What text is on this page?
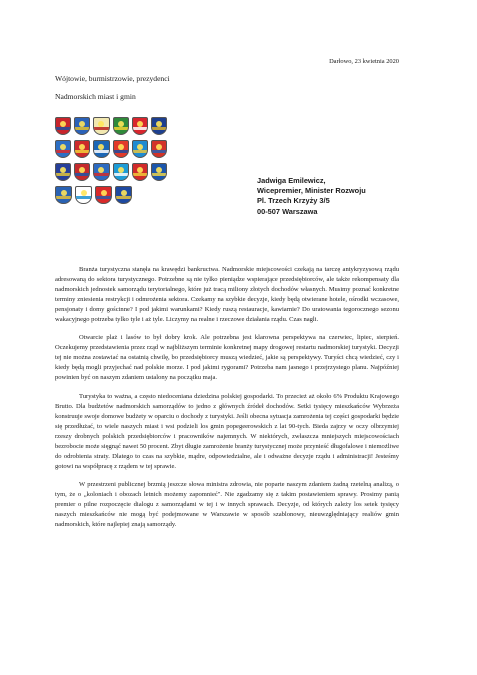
Darłowo, 23 kwietnia 2020
Wójtowie, burmistrzowie, prezydenci
Nadmorskich miast i gmin
Jadwiga Emilewicz,
Wicepremier, Minister Rozwoju
Pl. Trzech Krzyży 3/5
00-507 Warszawa

Branża turystyczna stanęła na krawędzi bankructwa. Nadmorskie miejscowości czekają na tarczę antykryzysową rządu adresowaną do sektora turystycznego. Potrzebne są nie tylko pieniądze wspierające przedsiębiorców, ale także rekompensaty dla nadmorskich jednostek samorządu terytorialnego, które już tracą miliony złotych dochodów własnych. Musimy poznać konkretne terminy zniesienia restrykcji i odmrożenia sektora. Czekamy na szybkie decyzje, kiedy będą otwierane hotele, ośrodki wczasowe, pensjonaty i domy gościnne? I pod jakimi warunkami? Kiedy ruszą restauracje, kawiarnie? Do uratowania tegorocznego sezonu wakacyjnego potrzeba tylko tyle i aż tyle. Liczymy na realne i rzeczowe działania rządu. Czas nagli.

Otwarcie plaż i lasów to był dobry krok. Ale potrzebna jest klarowna perspektywa na czerwiec, lipiec, sierpień. Oczekujemy przedstawienia przez rząd w najbliższym terminie konkretnej mapy drogowej restartu nadmorskiej turystyki. Decyzji tej nie można zostawiać na ostatnią chwilę, bo przedsiębiorcy muszą wiedzieć, jakie są perspektywy. Turyści chcą wiedzieć, czy i kiedy będą mogli przyjechać nad polskie morze. I pod jakimi rygorami? Potrzeba nam jasnego i przejrzystego planu. Najpóźniej powinien być on naszym zdaniem ustalony na początku maja.

Turystyka to ważna, a często niedoceniana dziedzina polskiej gospodarki. To przecież aż około 6% Produktu Krajowego Brutto. Dla budżetów nadmorskich samorządów to jedno z głównych źródeł dochodów. Setki tysięcy mieszkańców Wybrzeża konstruuje swoje domowe budżety w oparciu o dochody z turystyki. Jeśli obecna sytuacja zamrożenia tej części gospodarki będzie się przedłużać, to wiele naszych miast i wsi podzieli los gmin popegeerowskich z lat 90-tych. Bieda zajrzy w oczy olbrzymiej rzeszy drobnych polskich przedsiębiorców i pracowników najemnych. W niektórych, zwłaszcza mniejszych miejscowościach bezrobocie może sięgnąć nawet 50 procent. Zbyt długie zamrożenie branży turystycznej może przynieść długofalowe i niemożliwe do odrobienia straty. Dlatego to czas na szybkie, mądre, odpowiedzialne, ale i odważne decyzje rządu i administracji! Jesteśmy gotowi na współpracę z rządem w tej sprawie.

W przestrzeni publicznej brzmią jeszcze słowa ministra zdrowia, nie poparte naszym zdaniem żadną rzetelną analizą, o tym, że o „koloniach i obozach letnich możemy zapomnieć". Nie zgadzamy się z takim postawieniem sprawy. Prosimy panią premier o pilne rozpoczęcie dialogu z samorządami w tej i w innych sprawach. Decyzje, od których zależy los setek tysięcy naszych mieszkańców nie mogą być podejmowane w Warszawie w sposób szablonowy, nieuwzględniający realiów gmin nadmorskich, które najlepiej znają samorządy.
